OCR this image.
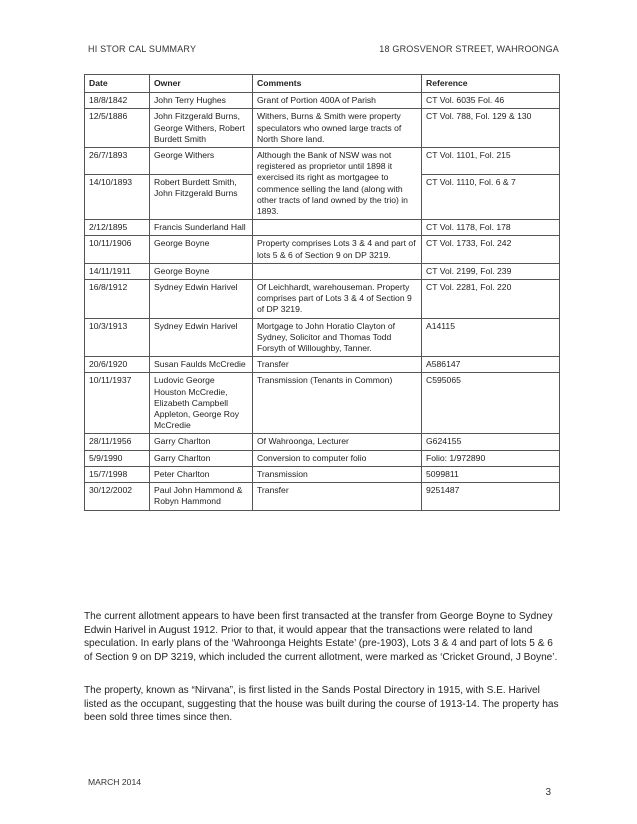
HI STOR CAL SUMMARY	18 GROSVENOR STREET, WAHROONGA
Date	Owner	Comments	Reference
18/8/1842	John Terry Hughes	Grant of Portion 400A of Parish	CT Vol. 6035 Fol. 46
12/5/1886	John Fitzgerald Burns, George Withers, Robert Burdett Smith	Withers, Burns & Smith were property speculators who owned large tracts of North Shore land.	CT Vol. 788, Fol. 129 & 130
26/7/1893	George Withers	Although the Bank of NSW was not registered as proprietor until 1898 it exercised its right as mortgagee to commence selling the land (along with other tracts of land owned by the trio) in 1893.	CT Vol. 1101, Fol. 215
14/10/1893	Robert Burdett Smith, John Fitzgerald Burns		CT Vol. 1110, Fol. 6 & 7
2/12/1895	Francis Sunderland Hall		CT Vol. 1178, Fol. 178
10/11/1906	George Boyne	Property comprises Lots 3 & 4 and part of lots 5 & 6 of Section 9 on DP 3219.	CT Vol. 1733, Fol. 242
14/11/1911	George Boyne		CT Vol. 2199, Fol. 239
16/8/1912	Sydney Edwin Harivel	Of Leichhardt, warehouseman. Property comprises part of Lots 3 & 4 of Section 9 of DP 3219.	CT Vol. 2281, Fol. 220
10/3/1913	Sydney Edwin Harivel	Mortgage to John Horatio Clayton of Sydney, Solicitor and Thomas Todd Forsyth of Willoughby, Tanner.	A14115
20/6/1920	Susan Faulds McCredie	Transfer	A586147
10/11/1937	Ludovic George Houston McCredie, Elizabeth Campbell Appleton, George Roy McCredie	Transmission (Tenants in Common)	C595065
28/11/1956	Garry Charlton	Of Wahroonga, Lecturer	G624155
5/9/1990	Garry Charlton	Conversion to computer folio	Folio: 1/972890
15/7/1998	Peter Charlton	Transmission	5099811
30/12/2002	Paul John Hammond & Robyn Hammond	Transfer	9251487

The current allotment appears to have been first transacted at the transfer from George Boyne to Sydney Edwin Harivel in August 1912. Prior to that, it would appear that the transactions were related to land speculation. In early plans of the ‘Wahroonga Heights Estate’ (pre-1903), Lots 3 & 4 and part of lots 5 & 6 of Section 9 on DP 3219, which included the current allotment, were marked as ‘Cricket Ground, J Boyne’.

The property, known as “Nirvana”, is first listed in the Sands Postal Directory in 1915, with S.E. Harivel listed as the occupant, suggesting that the house was built during the course of 1913-14. The property has been sold three times since then.

MARCH 2014
3
